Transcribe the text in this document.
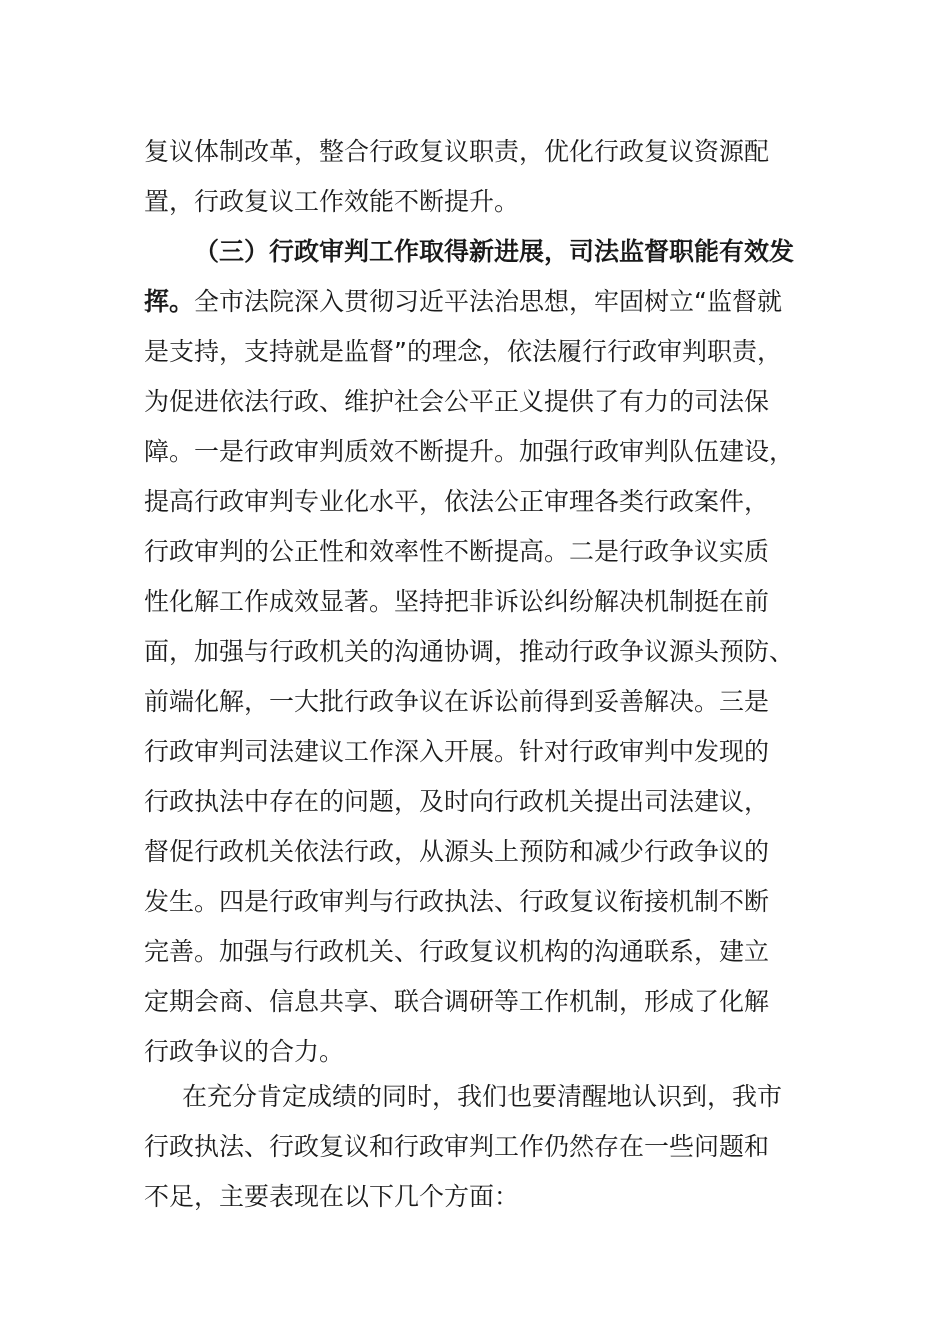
复议体制改革，整合行政复议职责，优化行政复议资源配
置，行政复议工作效能不断提升。
（三）行政审判工作取得新进展，司法监督职能有效发
挥。全市法院深入贯彻习近平法治思想，牢固树立“监督就
是支持，支持就是监督”的理念，依法履行行政审判职责，
为促进依法行政、维护社会公平正义提供了有力的司法保
障。一是行政审判质效不断提升。加强行政审判队伍建设，
提高行政审判专业化水平，依法公正审理各类行政案件，
行政审判的公正性和效率性不断提高。二是行政争议实质
性化解工作成效显著。坚持把非诉讼纠纷解决机制挺在前
面，加强与行政机关的沟通协调，推动行政争议源头预防、
前端化解，一大批行政争议在诉讼前得到妥善解决。三是
行政审判司法建议工作深入开展。针对行政审判中发现的
行政执法中存在的问题，及时向行政机关提出司法建议，
督促行政机关依法行政，从源头上预防和减少行政争议的
发生。四是行政审判与行政执法、行政复议衔接机制不断
完善。加强与行政机关、行政复议机构的沟通联系，建立
定期会商、信息共享、联合调研等工作机制，形成了化解
行政争议的合力。
在充分肯定成绩的同时，我们也要清醒地认识到，我市
行政执法、行政复议和行政审判工作仍然存在一些问题和
不足，主要表现在以下几个方面：
